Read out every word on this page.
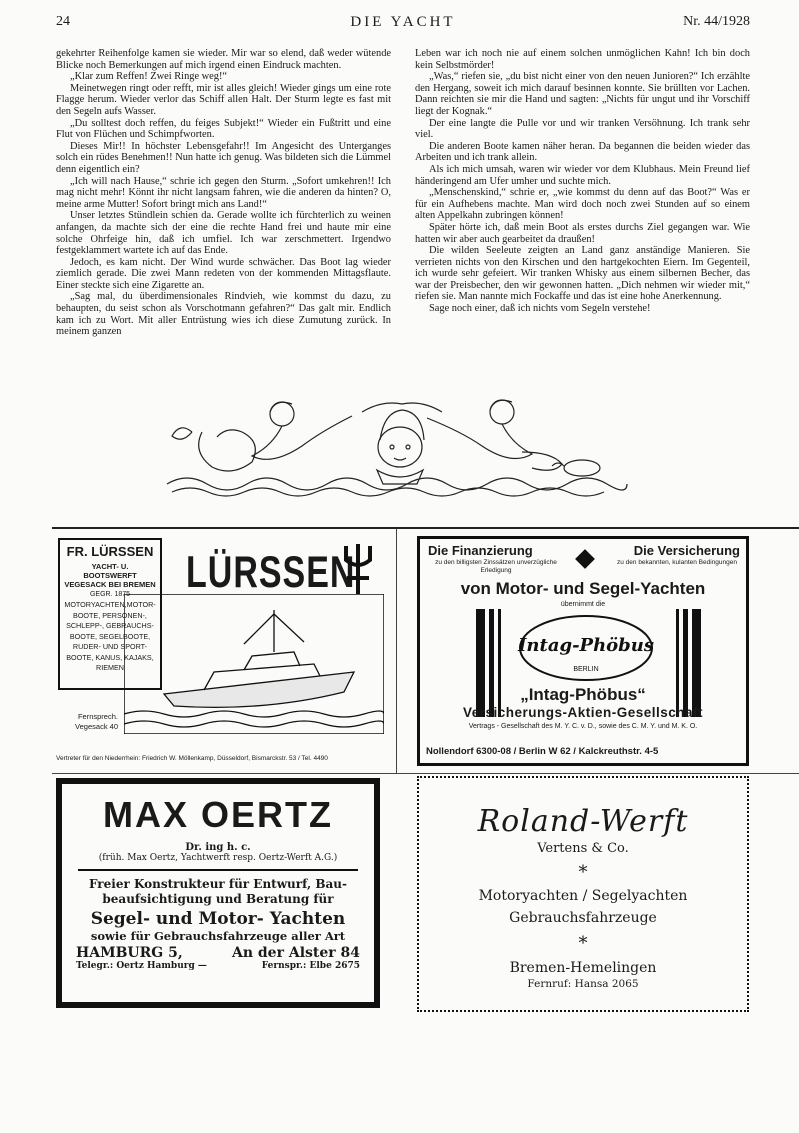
24	DIE YACHT	Nr. 44/1928

gekehrter Reihenfolge kamen sie wieder. Mir war so elend, daß weder wütende Blicke noch Bemerkungen auf mich irgend einen Eindruck machten.

„Klar zum Reffen! Zwei Ringe weg!“

Meinetwegen ringt oder refft, mir ist alles gleich! Wieder gings um eine rote Flagge herum. Wieder verlor das Schiff allen Halt. Der Sturm legte es fast mit den Segeln aufs Wasser.

„Du solltest doch reffen, du feiges Subjekt!“ Wieder ein Fußtritt und eine Flut von Flüchen und Schimpfworten.

Dieses Mir!! In höchster Lebensgefahr!! Im Angesicht des Unterganges solch ein rüdes Benehmen!! Nun hatte ich genug. Was bildeten sich die Lümmel denn eigentlich ein?

„Ich will nach Hause,“ schrie ich gegen den Sturm. „Sofort umkehren!! Ich mag nicht mehr! Könnt ihr nicht langsam fahren, wie die anderen da hinten? O, meine arme Mutter! Sofort bringt mich ans Land!“

Unser letztes Stündlein schien da. Gerade wollte ich fürchterlich zu weinen anfangen, da machte sich der eine die rechte Hand frei und haute mir eine solche Ohrfeige hin, daß ich umfiel. Ich war zerschmettert. Irgendwo festgeklammert wartete ich auf das Ende.

Jedoch, es kam nicht. Der Wind wurde schwächer. Das Boot lag wieder ziemlich gerade. Die zwei Mann redeten von der kommenden Mittagsflaute. Einer steckte sich eine Zigarette an.

„Sag mal, du überdimensionales Rindvieh, wie kommst du dazu, zu behaupten, du seist schon als Vorschotmann gefahren?“ Das galt mir. Endlich kam ich zu Wort. Mit aller Entrüstung wies ich diese Zumutung zurück. In meinem ganzen

Leben war ich noch nie auf einem solchen unmöglichen Kahn! Ich bin doch kein Selbstmörder!

„Was,“ riefen sie, „du bist nicht einer von den neuen Junioren?“ Ich erzählte den Hergang, soweit ich mich darauf besinnen konnte. Sie brüllten vor Lachen. Dann reichten sie mir die Hand und sagten: „Nichts für ungut und ihr Vorschiff liegt der Kognak.“

Der eine langte die Pulle vor und wir tranken Versöhnung. Ich trank sehr viel.

Die anderen Boote kamen näher heran. Da begannen die beiden wieder das Arbeiten und ich trank allein.

Als ich mich umsah, waren wir wieder vor dem Klubhaus. Mein Freund lief händeringend am Ufer umher und suchte mich.

„Menschenskind,“ schrie er, „wie kommst du denn auf das Boot?“ Was er für ein Aufhebens machte. Man wird doch noch zwei Stunden auf so einem alten Appelkahn zubringen können!

Später hörte ich, daß mein Boot als erstes durchs Ziel gegangen war. Wie hatten wir aber auch gearbeitet da draußen!

Die wilden Seeleute zeigten an Land ganz anständige Manieren. Sie verrieten nichts von den Kirschen und den hartgekochten Eiern. Im Gegenteil, ich wurde sehr gefeiert. Wir tranken Whisky aus einem silbernen Becher, das war der Preisbecher, den wir gewonnen hatten. „Dich nehmen wir wieder mit,“ riefen sie. Man nannte mich Fockaffe und das ist eine hohe Anerkennung.

Sage noch einer, daß ich nichts vom Segeln verstehe!

FR. LÜRSSEN
YACHT- U. BOOTSWERFT VEGESACK BEI BREMEN
GEGR. 1875
MOTORYACHTEN,MOTOR-BOOTE, PERSONEN-, SCHLEPP-, GEBRAUCHS-BOOTE, SEGELBOOTE, RUDER- UND SPORT-BOOTE, KANUS, KAJAKS, RIEMEN
Fernsprech.
Vegesack 40
LÜRSSEN
Vertreter für den Niederrhein: Friedrich W. Möllenkamp, Düsseldorf, Bismarckstr. 53 / Tel. 4490
Die Finanzierung
zu den billigsten Zinssätzen unverzügliche Erledigung
Die Versicherung
zu den bekannten, kulanten Bedingungen
von Motor- und Segel-Yachten
übernimmt die
Intag-Phöbus
BERLIN
„Intag-Phöbus“
Versicherungs-Aktien-Gesellschaft
Vertrags - Gesellschaft des M. Y. C. v. D., sowie des C. M. Y. und M. K. O.
Nollendorf 6300-08 / Berlin W 62 / Kalckreuthstr. 4-5
MAX OERTZ
Dr. ing h. c.
(früh. Max Oertz, Yachtwerft resp. Oertz-Werft A.G.)
Freier Konstrukteur für Entwurf, Bau-
beaufsichtigung und Beratung für
Segel- und Motor- Yachten
sowie für Gebrauchsfahrzeuge aller Art
HAMBURG 5,	An der Alster 84
Telegr.: Oertz Hamburg —	Fernspr.: Elbe 2675
Roland-Werft
Vertens & Co.
*
Motoryachten / Segelyachten
Gebrauchsfahrzeuge
*
Bremen-Hemelingen
Fernruf: Hansa 2065
